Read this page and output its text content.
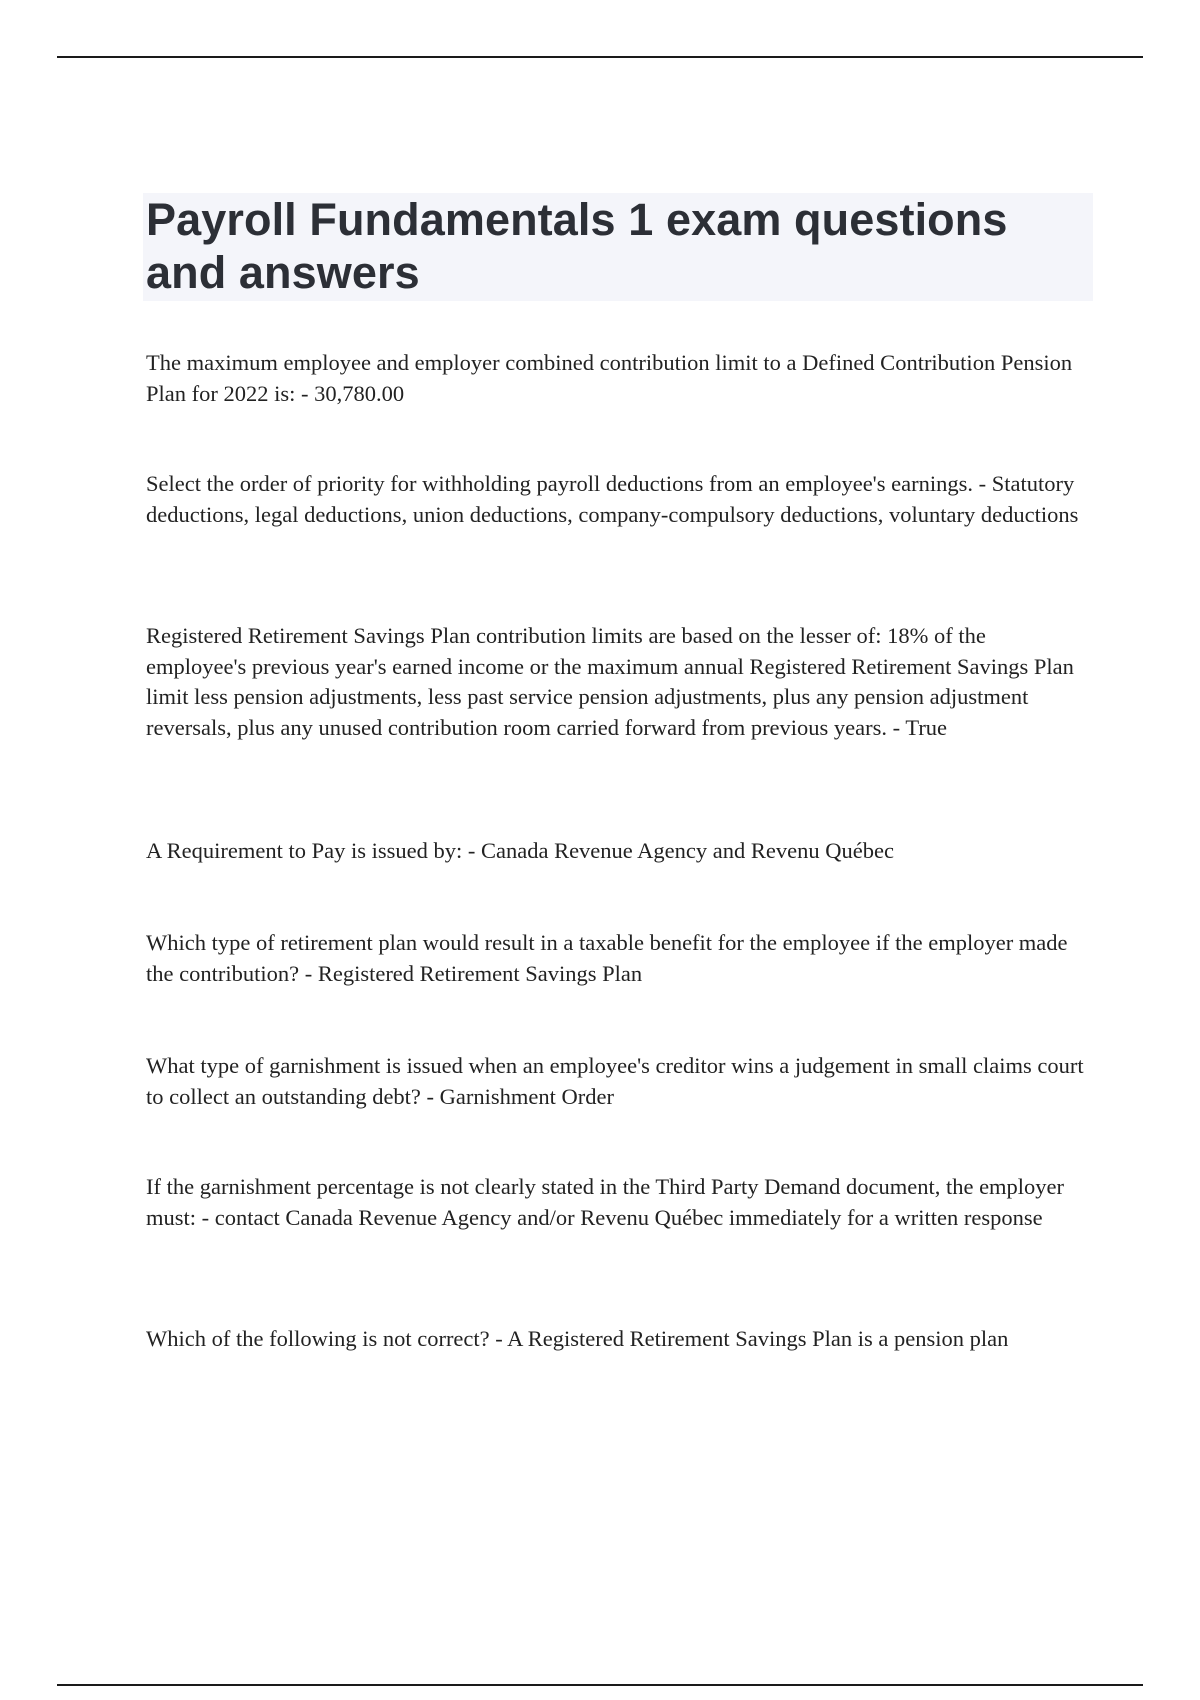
Payroll Fundamentals 1 exam questions and answers

The maximum employee and employer combined contribution limit to a Defined Contribution Pension Plan for 2022 is: - 30,780.00

Select the order of priority for withholding payroll deductions from an employee's earnings. - Statutory deductions, legal deductions, union deductions, company-compulsory deductions, voluntary deductions

Registered Retirement Savings Plan contribution limits are based on the lesser of: 18% of the employee's previous year's earned income or the maximum annual Registered Retirement Savings Plan limit less pension adjustments, less past service pension adjustments, plus any pension adjustment reversals, plus any unused contribution room carried forward from previous years. - True

A Requirement to Pay is issued by: - Canada Revenue Agency and Revenu Québec

Which type of retirement plan would result in a taxable benefit for the employee if the employer made the contribution? - Registered Retirement Savings Plan

What type of garnishment is issued when an employee's creditor wins a judgement in small claims court to collect an outstanding debt? - Garnishment Order

If the garnishment percentage is not clearly stated in the Third Party Demand document, the employer must: - contact Canada Revenue Agency and/or Revenu Québec immediately for a written response

Which of the following is not correct? - A Registered Retirement Savings Plan is a pension plan
